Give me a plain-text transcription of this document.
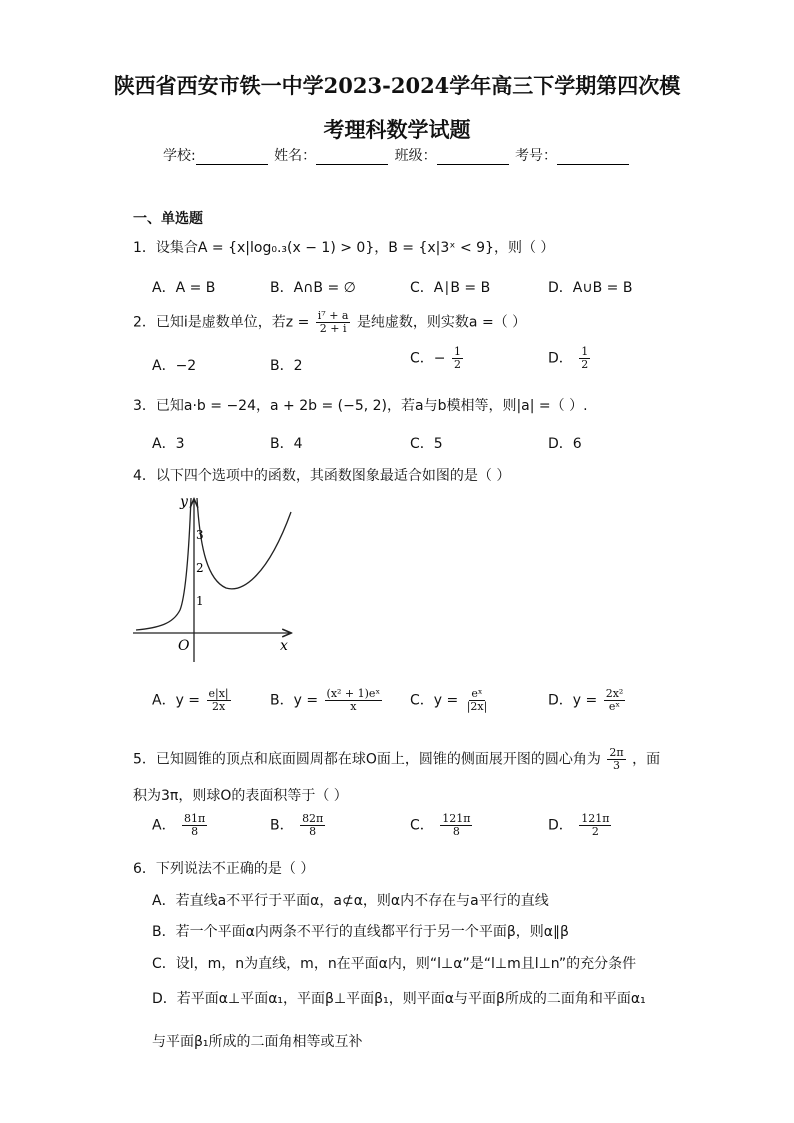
陕西省西安市铁一中学2023-2024学年高三下学期第四次模
考理科数学试题
学校:	姓名：	班级：	考号：
一、单选题
1．设集合A = {x|log₀.₃(x − 1) > 0}，B = {x|3ˣ < 9}，则（ ）
A．A = B	B．A∩B = ∅	C．A∣B = B	D．A∪B = B
2．已知i是虚数单位，若$z = \frac{\text{i⁷ + a}}{2 + i}$ 是纯虚数，则实数a =（ ）
A．−2	B．2	C．− $\frac{1}{2}$	D． $\frac{1}{2}$
3．已知a·b = −24，a + 2b = (−5, 2)，若a与b模相等，则|a| =（ ）.
A．3	B．4	C．5	D．6
4．以下四个选项中的函数，其函数图象最适合如图的是（ ）
y
x
O
1
2
3
A．$y = \frac{e|x|}{2x}$	B．$y = \frac{\text{(x² + 1)eˣ}}{x}$ C．$y = \frac{\text{eˣ}}{|2x|}$	D．$y = \frac{\text{2x²}}{\text{eˣ}}$
5．已知圆锥的顶点和底面圆周都在球O面上，圆锥的侧面展开图的圆心角为 $\frac{2\pi}{3}$ ，面
积为3π，则球O的表面积等于（ ）
A． $\frac{81\pi}{8}$	B． $\frac{82\pi}{8}$	C． $\frac{121\pi}{8}$	D． $\frac{121\pi}{2}$
6．下列说法不正确的是（ ）
A．若直线a不平行于平面α，a⊄α，则α内不存在与a平行的直线
B．若一个平面α内两条不平行的直线都平行于另一个平面β，则α∥β
C．设l，m，n为直线，m，n在平面α内，则“l⊥α”是“l⊥m且l⊥n”的充分条件
D．若平面α⊥平面α₁，平面β⊥平面β₁，则平面α与平面β所成的二面角和平面α₁
与平面β₁所成的二面角相等或互补
